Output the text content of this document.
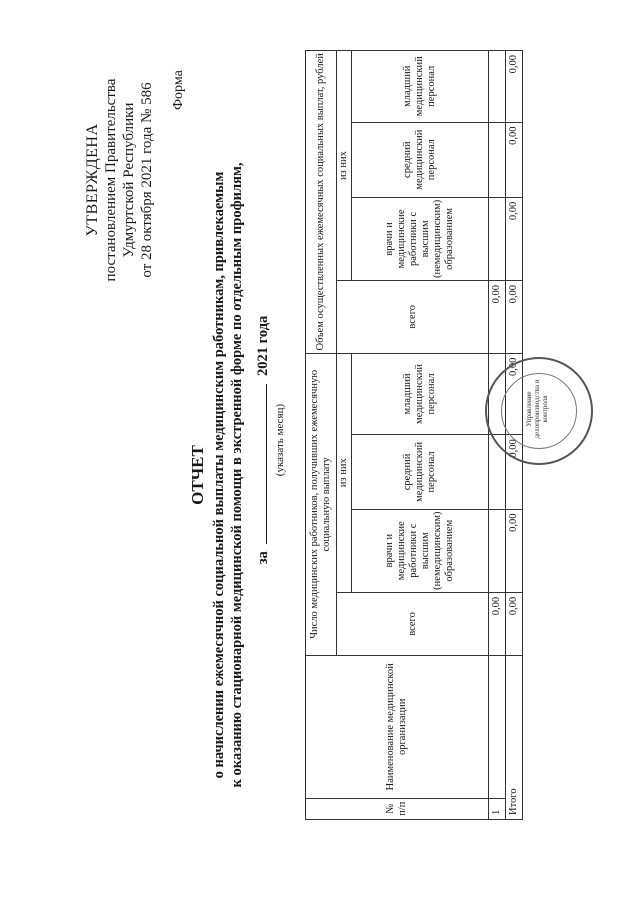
УТВЕРЖДЕНА постановлением Правительства Удмуртской Республики от 28 октября 2021 года № 586 Форма
ОТЧЕТ о начислении ежемесячной социальной выплаты медицинским работникам, привлекаемым к оказанию стационарной медицинской помощи в экстренной форме по отдельным профилям, за  2021 года
(указать месяц)
№ п/п	Наименование медицинской организации	Число медицинских работников, получивших ежемесячную социальную выплату				Объем осуществленных ежемесячных социальных выплат, рублей			
		всего	из них			всего	из них		
			врачи и медицинские работники с высшим (немедицинским) образованием	средний медицинский персонал	младший медицинский персонал		врачи и медицинские работники с высшим (немедицинским) образованием	средний медицинский персонал	младший медицинский персонал
1		0,00				0,00			
Итого		0,00	0,00	0,00	0,00	0,00	0,00	0,00	0,00
Управление делопроизводства и контроля
